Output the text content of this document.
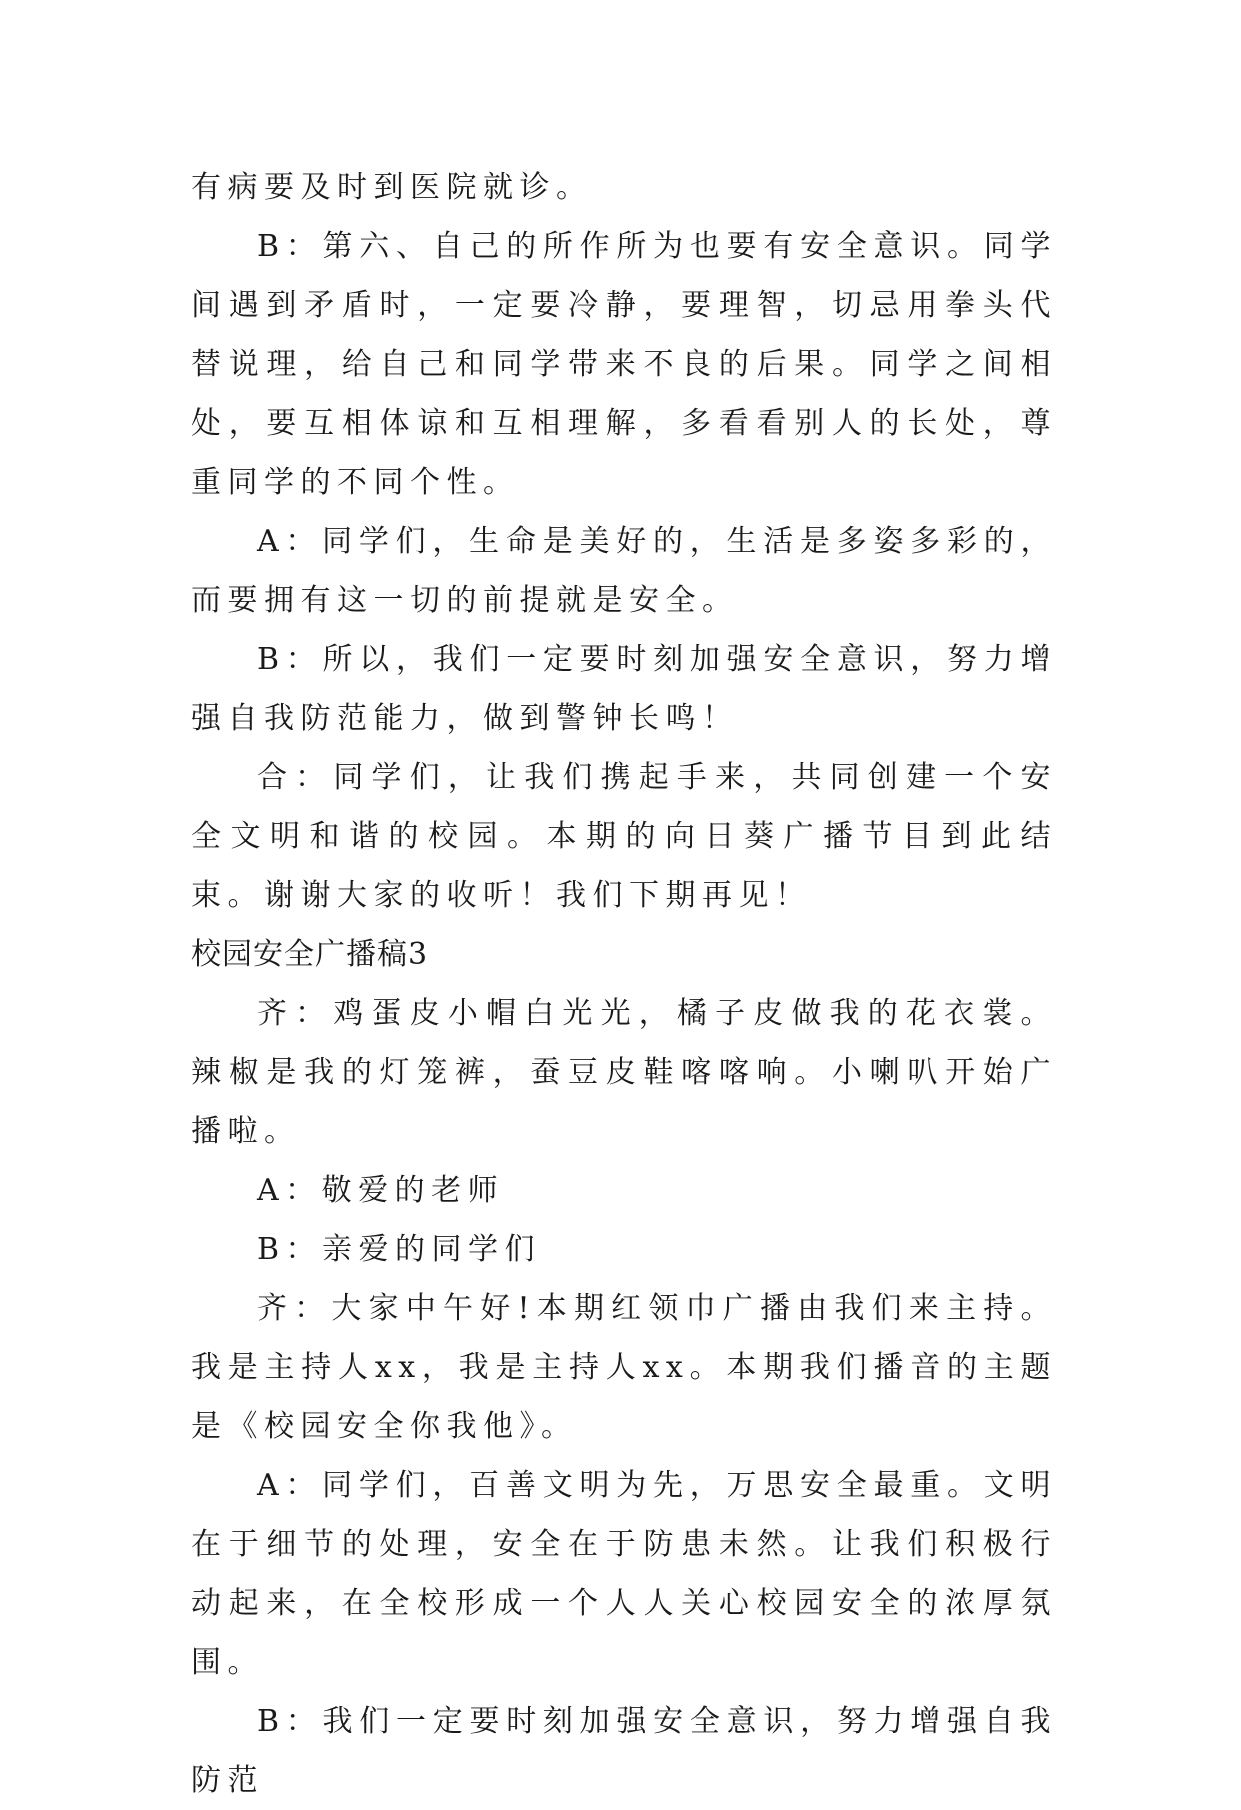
有病要及时到医院就诊。

B：第六、自己的所作所为也要有安全意识。同学间遇到矛盾时，一定要冷静，要理智，切忌用拳头代替说理，给自己和同学带来不良的后果。同学之间相处，要互相体谅和互相理解，多看看别人的长处，尊重同学的不同个性。

A：同学们，生命是美好的，生活是多姿多彩的，而要拥有这一切的前提就是安全。

B：所以，我们一定要时刻加强安全意识，努力增强自我防范能力，做到警钟长鸣！

合：同学们，让我们携起手来，共同创建一个安全文明和谐的校园。本期的向日葵广播节目到此结束。谢谢大家的收听！我们下期再见！

校园安全广播稿3

齐：鸡蛋皮小帽白光光，橘子皮做我的花衣裳。辣椒是我的灯笼裤，蚕豆皮鞋喀喀响。小喇叭开始广播啦。

A：敬爱的老师

B：亲爱的同学们

齐：大家中午好!本期红领巾广播由我们来主持。我是主持人xx，我是主持人xx。本期我们播音的主题是《校园安全你我他》。

A：同学们，百善文明为先，万思安全最重。文明在于细节的处理，安全在于防患未然。让我们积极行动起来，在全校形成一个人人关心校园安全的浓厚氛围。

B：我们一定要时刻加强安全意识，努力增强自我防范
